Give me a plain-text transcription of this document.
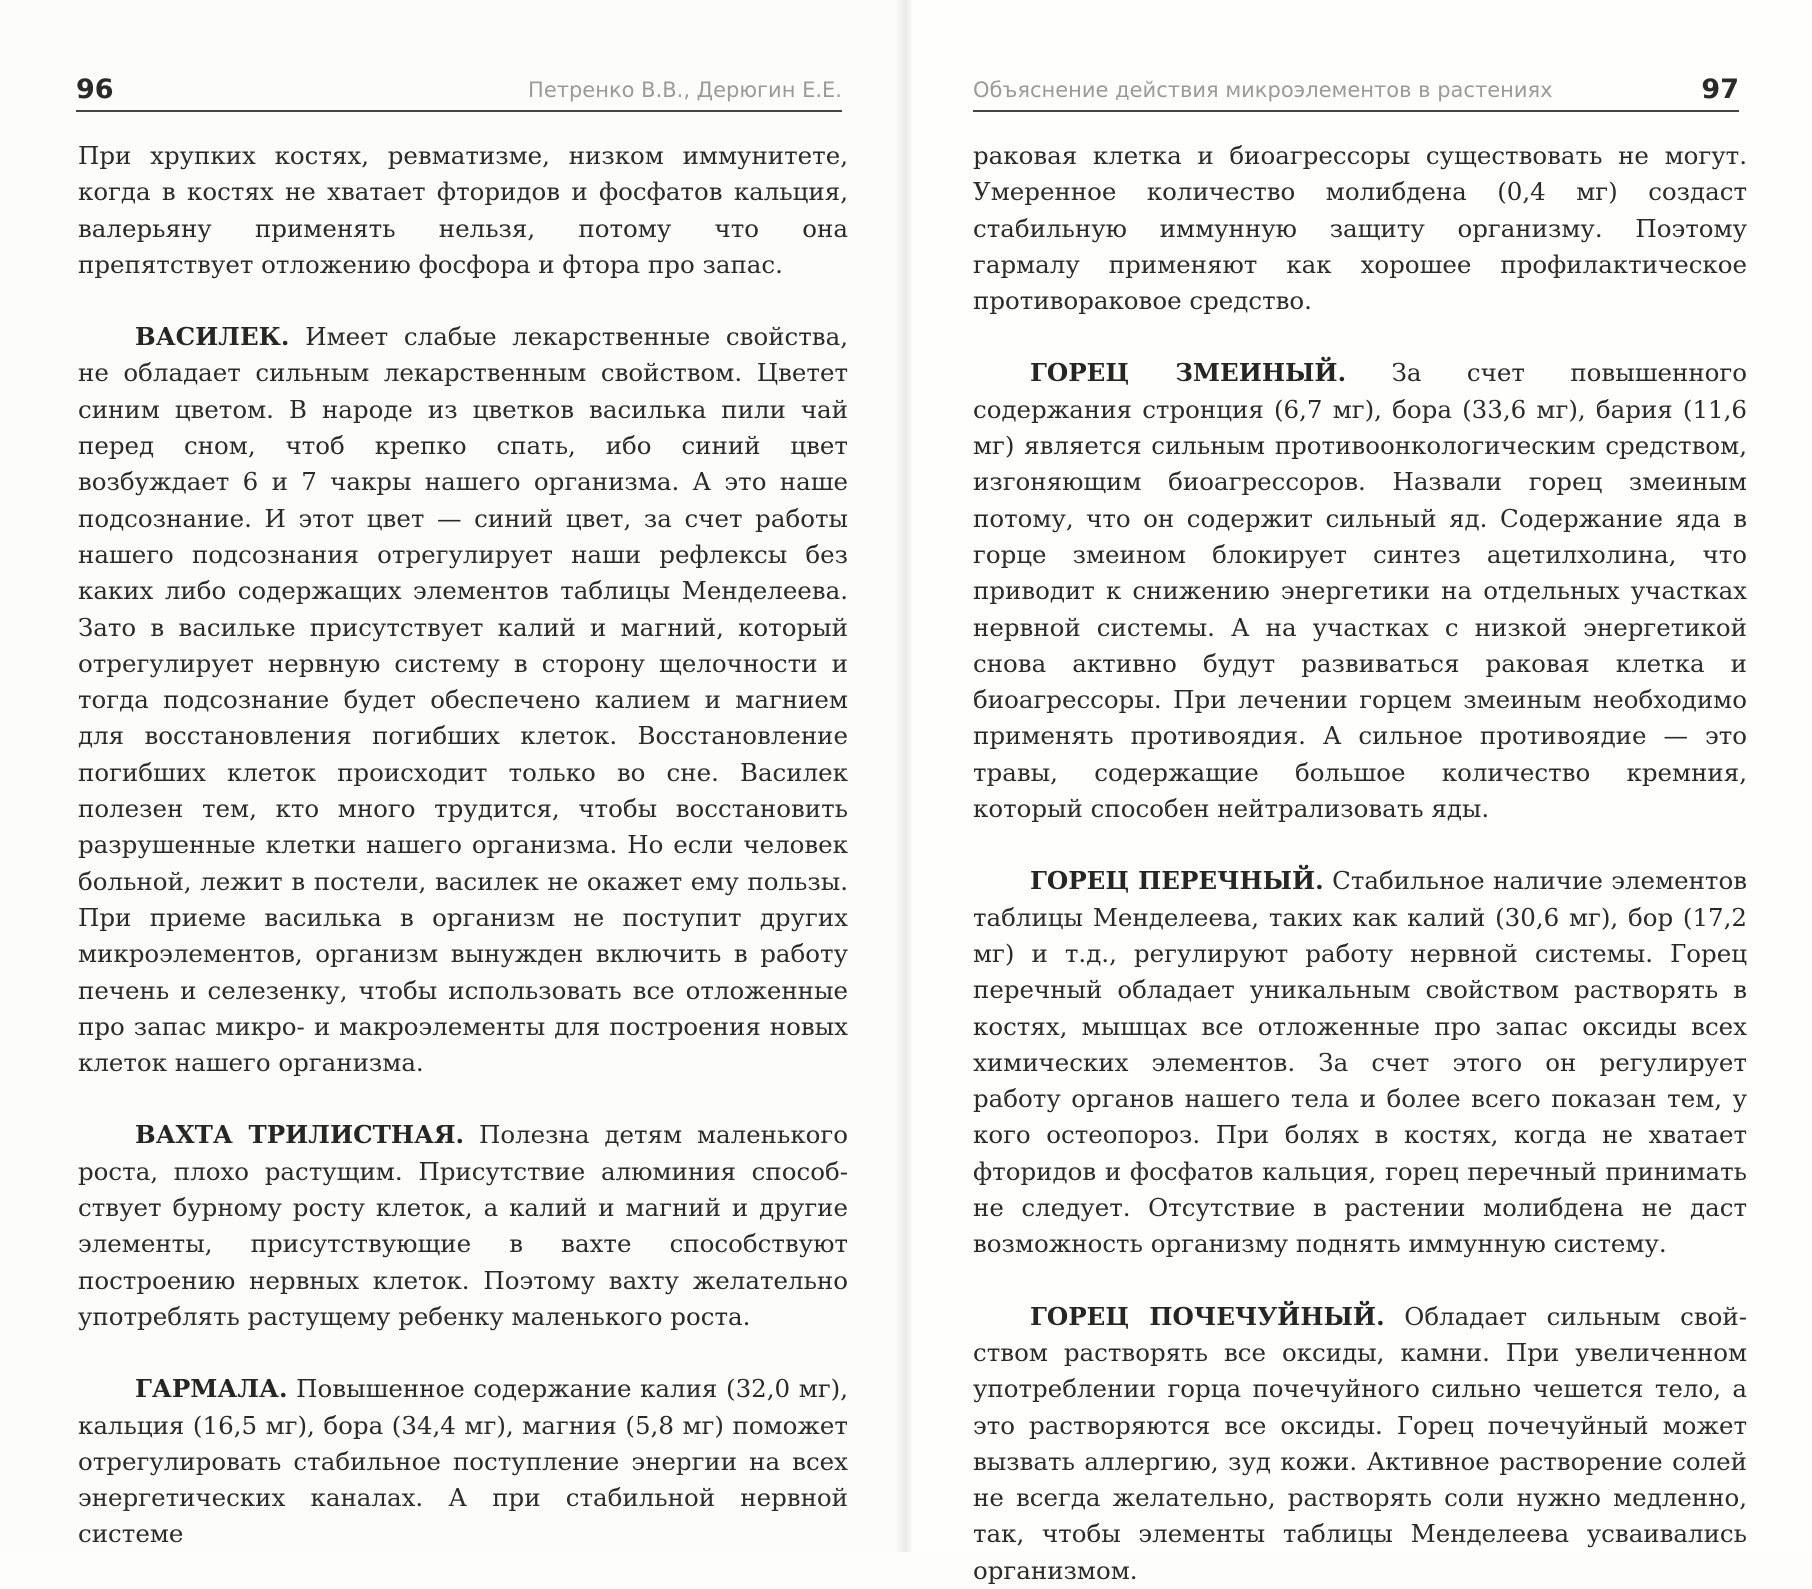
96	Петренко В.В., Дерюгин Е.Е.

При хрупких костях, ревматизме, низком иммунитете, когда в костях не хватает фторидов и фосфатов кальция, валерьяну применять нельзя, потому что она препятствует отложению фосфора и фтора про запас.

ВАСИЛЕК. Имеет слабые лекарственные свойства, не обладает сильным лекарственным свойством. Цветет синим цветом. В народе из цветков василька пили чай перед сном, чтоб крепко спать, ибо синий цвет возбуждает 6 и 7 чакры нашего организма. А это наше подсознание. И этот цвет — синий цвет, за счет работы нашего подсознания отрегулирует наши рефлексы без каких либо содержащих элементов таблицы Менделеева. Зато в васильке присутствует калий и магний, который отрегулирует нервную систему в сторону щелочности и тогда подсознание будет обеспечено калием и магнием для восстановления погибших клеток. Восстановление погибших клеток происходит только во сне. Василек полезен тем, кто много трудится, чтобы восстановить разрушенные клетки нашего организма. Но если человек больной, лежит в постели, василек не окажет ему пользы. При приеме василька в организм не поступит других микроэлементов, организм вынужден включить в работу печень и селезенку, чтобы использовать все отложенные про запас микро- и макроэлементы для построения новых клеток нашего организма.

ВАХТА ТРИЛИСТНАЯ. Полезна детям маленького роста, плохо растущим. Присутствие алюминия способствует бурному росту клеток, а калий и магний и другие элементы, присутствующие в вахте способствуют построению нервных клеток. Поэтому вахту желательно употреблять растущему ребенку маленького роста.

ГАРМАЛА. Повышенное содержание калия (32,0 мг), кальция (16,5 мг), бора (34,4 мг), магния (5,8 мг) поможет отрегулировать стабильное поступление энергии на всех энергетических каналах. А при стабильной нервной системе

Объяснение действия микроэлементов в растениях	97

раковая клетка и биоагрессоры существовать не могут. Умеренное количество молибдена (0,4 мг) создаст стабильную иммунную защиту организму. Поэтому гармалу применяют как хорошее профилактическое противораковое средство.

ГОРЕЦ ЗМЕИНЫЙ. За счет повышенного содержания стронция (6,7 мг), бора (33,6 мг), бария (11,6 мг) является сильным противоонкологическим средством, изгоняющим биоагрессоров. Назвали горец змеиным потому, что он содержит сильный яд. Содержание яда в горце змеином блокирует синтез ацетилхолина, что приводит к снижению энергетики на отдельных участках нервной системы. А на участках с низкой энергетикой снова активно будут развиваться раковая клетка и биоагрессоры. При лечении горцем змеиным необходимо применять противоядия. А сильное противоядие — это травы, содержащие большое количество кремния, который способен нейтрализовать яды.

ГОРЕЦ ПЕРЕЧНЫЙ. Стабильное наличие элементов таблицы Менделеева, таких как калий (30,6 мг), бор (17,2 мг) и т.д., регулируют работу нервной системы. Горец перечный обладает уникальным свойством растворять в костях, мышцах все отложенные про запас оксиды всех химических элементов. За счет этого он регулирует работу органов нашего тела и более всего показан тем, у кого остеопороз. При болях в костях, когда не хватает фторидов и фосфатов кальция, горец перечный принимать не следует. Отсутствие в растении молибдена не даст возможность организму поднять иммунную систему.

ГОРЕЦ ПОЧЕЧУЙНЫЙ. Обладает сильным свойством растворять все оксиды, камни. При увеличенном употреблении горца почечуйного сильно чешется тело, а это растворяются все оксиды. Горец почечуйный может вызвать аллергию, зуд кожи. Активное растворение солей не всегда желательно, растворять соли нужно медленно, так, чтобы элементы таблицы Менделеева усваивались организмом.
